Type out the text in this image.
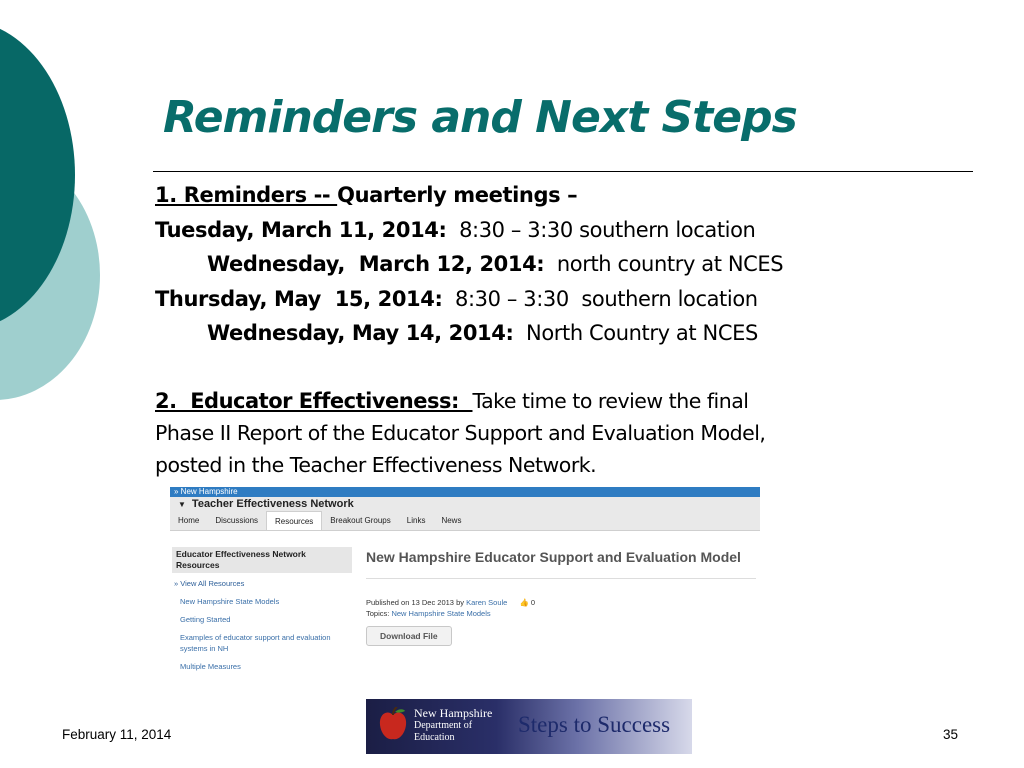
Reminders and Next Steps
1. Reminders -- Quarterly meetings –
Tuesday, March 11, 2014:  8:30 – 3:30 southern location
Wednesday,  March 12, 2014:  north country at NCES
Thursday, May  15, 2014:  8:30 – 3:30  southern location
Wednesday, May 14, 2014:  North Country at NCES
2.  Educator Effectiveness:  Take time to review the final
Phase II Report of the Educator Support and Evaluation Model,
posted in the Teacher Effectiveness Network.
» New Hampshire
▼ Teacher Effectiveness Network
Home	Discussions	Resources	Breakout Groups	Links	News
Educator Effectiveness Network Resources
» View All Resources
New Hampshire State Models
Getting Started
Examples of educator support and evaluation systems in NH
Multiple Measures
New Hampshire Educator Support and Evaluation Model
Published on 13 Dec 2013 by Karen Soule 👍 0
Topics: New Hampshire State Models
Download File
February 11, 2014
New Hampshire
Department of
Education
Steps to Success	35
